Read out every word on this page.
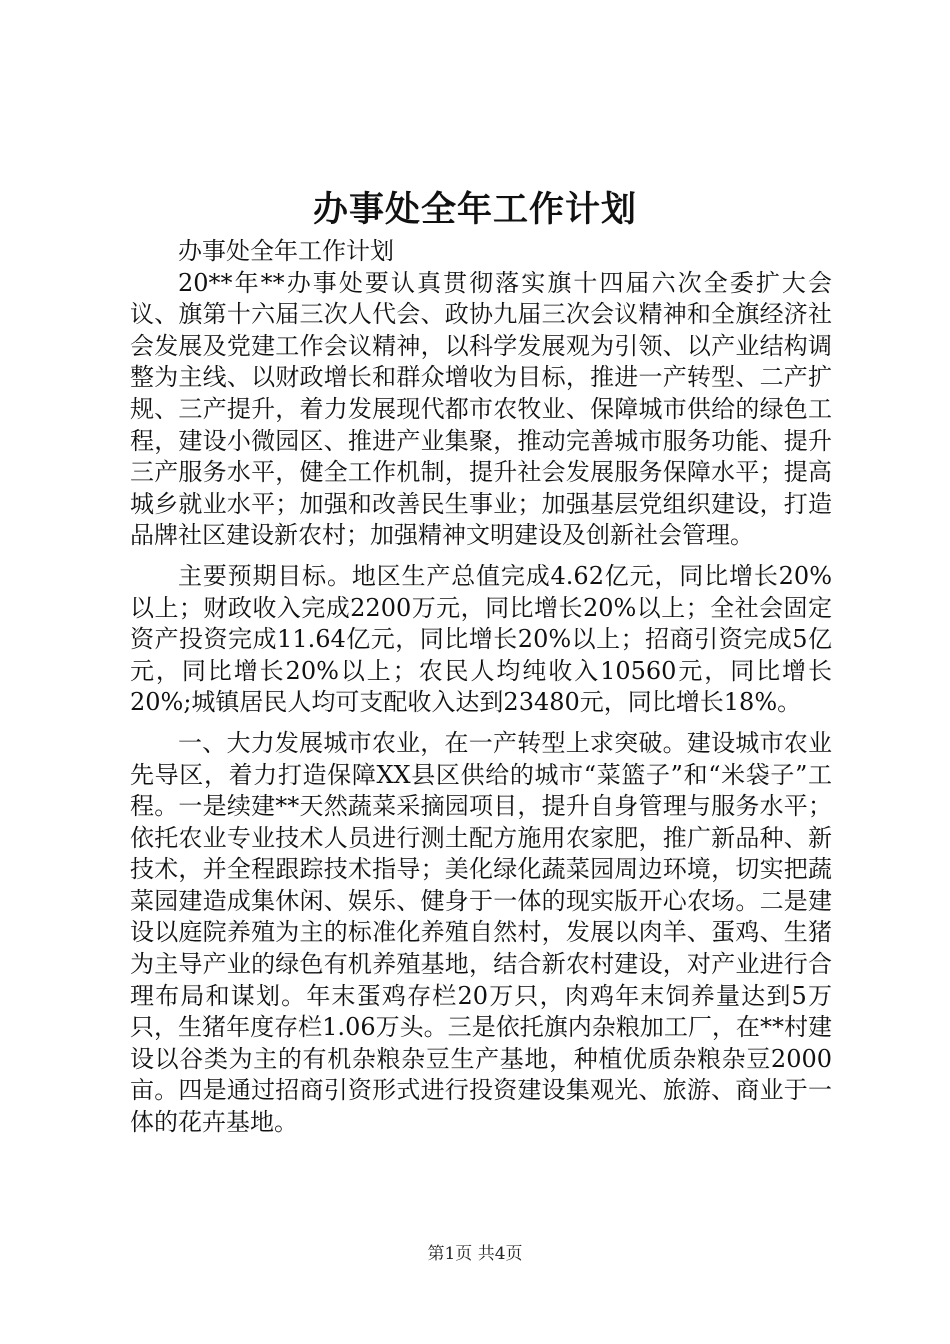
办事处全年工作计划

办事处全年工作计划

20**年**办事处要认真贯彻落实旗十四届六次全委扩大会议、旗第十六届三次人代会、政协九届三次会议精神和全旗经济社会发展及党建工作会议精神，以科学发展观为引领、以产业结构调整为主线、以财政增长和群众增收为目标，推进一产转型、二产扩规、三产提升，着力发展现代都市农牧业、保障城市供给的绿色工程，建设小微园区、推进产业集聚，推动完善城市服务功能、提升三产服务水平，健全工作机制，提升社会发展服务保障水平；提高城乡就业水平；加强和改善民生事业；加强基层党组织建设，打造品牌社区建设新农村；加强精神文明建设及创新社会管理。

主要预期目标。地区生产总值完成4.62亿元，同比增长20%以上；财政收入完成2200万元，同比增长20%以上；全社会固定资产投资完成11.64亿元，同比增长20%以上；招商引资完成5亿元，同比增长20%以上；农民人均纯收入10560元，同比增长20%;城镇居民人均可支配收入达到23480元，同比增长18%。

一、大力发展城市农业，在一产转型上求突破。建设城市农业先导区，着力打造保障XX县区供给的城市“菜篮子”和“米袋子”工程。一是续建**天然蔬菜采摘园项目，提升自身管理与服务水平；依托农业专业技术人员进行测土配方施用农家肥，推广新品种、新技术，并全程跟踪技术指导；美化绿化蔬菜园周边环境，切实把蔬菜园建造成集休闲、娱乐、健身于一体的现实版开心农场。二是建设以庭院养殖为主的标准化养殖自然村，发展以肉羊、蛋鸡、生猪为主导产业的绿色有机养殖基地，结合新农村建设，对产业进行合理布局和谋划。年末蛋鸡存栏20万只，肉鸡年末饲养量达到5万只，生猪年度存栏1.06万头。三是依托旗内杂粮加工厂，在**村建设以谷类为主的有机杂粮杂豆生产基地，种植优质杂粮杂豆2000亩。四是通过招商引资形式进行投资建设集观光、旅游、商业于一体的花卉基地。

第1页 共4页
